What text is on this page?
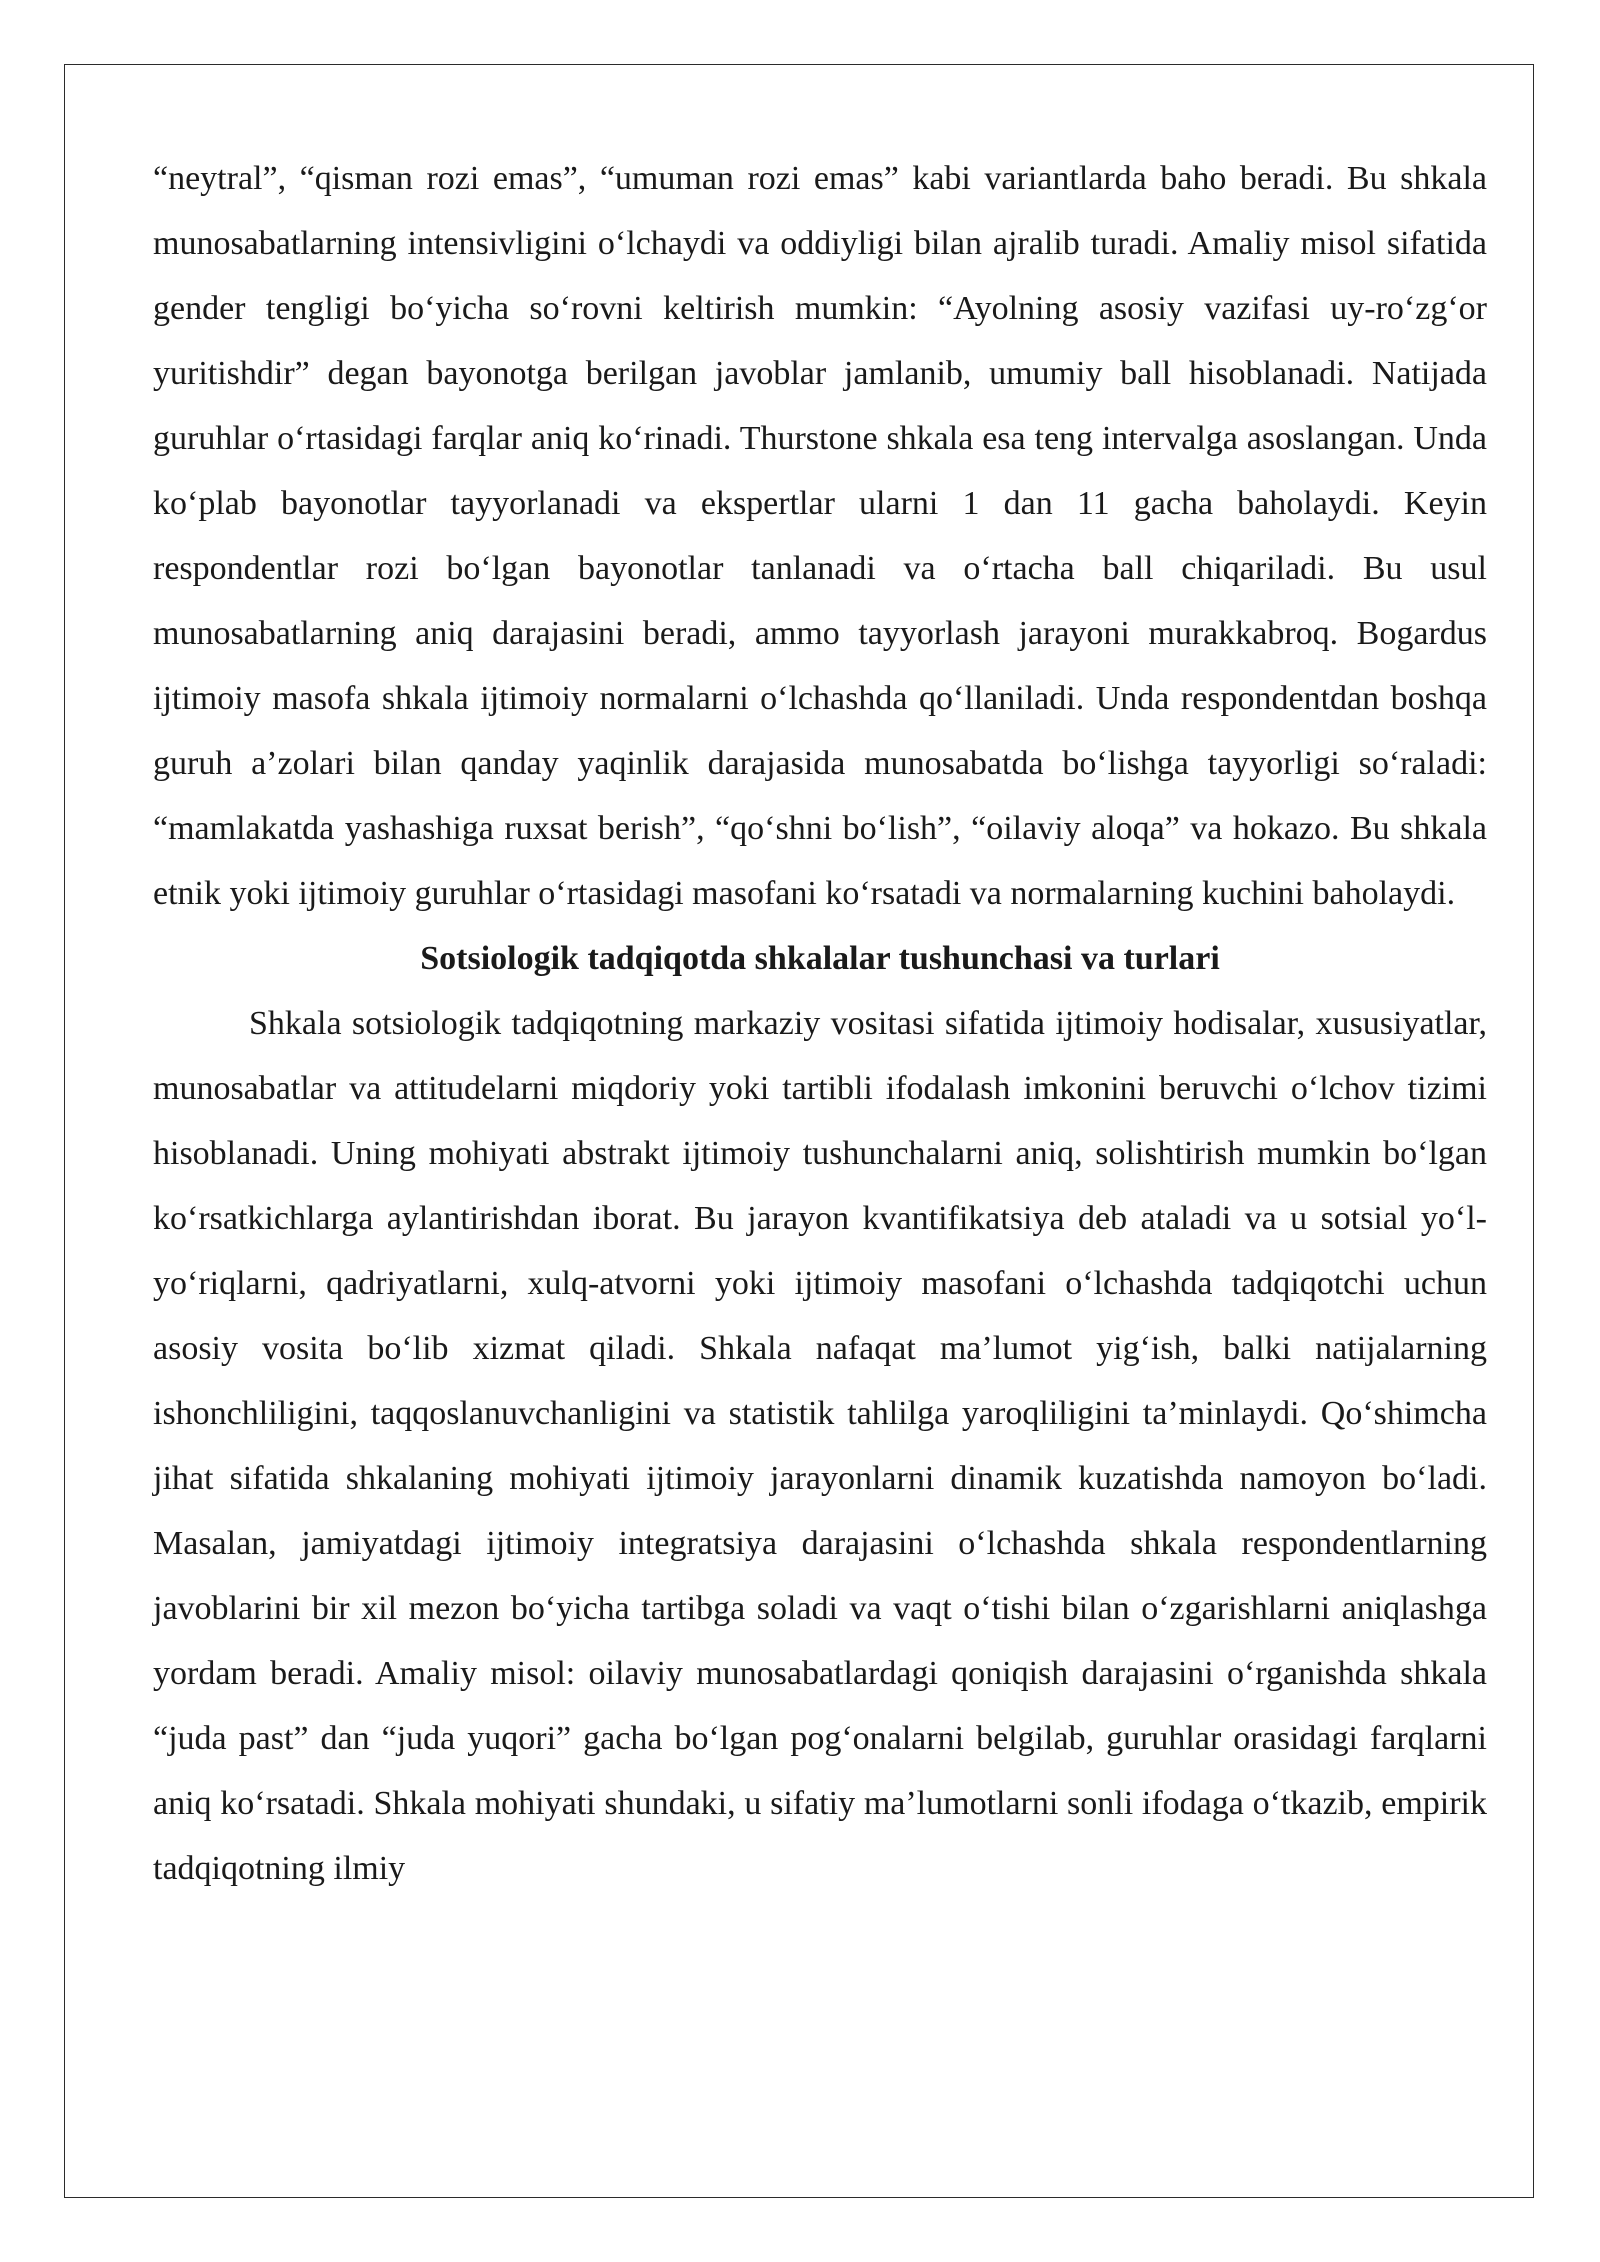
“neytral”, “qisman rozi emas”, “umuman rozi emas” kabi variantlarda baho beradi. Bu shkala munosabatlarning intensivligini oʻlchaydi va oddiyligi bilan ajralib turadi. Amaliy misol sifatida gender tengligi boʻyicha soʻrovni keltirish mumkin: “Ayolning asosiy vazifasi uy-roʻzgʻor yuritishdir” degan bayonotga berilgan javoblar jamlanib, umumiy ball hisoblanadi. Natijada guruhlar oʻrtasidagi farqlar aniq koʻrinadi. Thurstone shkala esa teng intervalga asoslangan. Unda koʻplab bayonotlar tayyorlanadi va ekspertlar ularni 1 dan 11 gacha baholaydi. Keyin respondentlar rozi boʻlgan bayonotlar tanlanadi va oʻrtacha ball chiqariladi. Bu usul munosabatlarning aniq darajasini beradi, ammo tayyorlash jarayoni murakkabroq. Bogardus ijtimoiy masofa shkala ijtimoiy normalarni oʻlchashda qoʻllaniladi. Unda respondentdan boshqa guruh a’zolari bilan qanday yaqinlik darajasida munosabatda boʻlishga tayyorligi soʻraladi: “mamlakatda yashashiga ruxsat berish”, “qoʻshni boʻlish”, “oilaviy aloqa” va hokazo. Bu shkala etnik yoki ijtimoiy guruhlar oʻrtasidagi masofani koʻrsatadi va normalarning kuchini baholaydi.

Sotsiologik tadqiqotda shkalalar tushunchasi va turlari

Shkala sotsiologik tadqiqotning markaziy vositasi sifatida ijtimoiy hodisalar, xususiyatlar, munosabatlar va attitudelarni miqdoriy yoki tartibli ifodalash imkonini beruvchi oʻlchov tizimi hisoblanadi. Uning mohiyati abstrakt ijtimoiy tushunchalarni aniq, solishtirish mumkin boʻlgan koʻrsatkichlarga aylantirishdan iborat. Bu jarayon kvantifikatsiya deb ataladi va u sotsial yoʻl-yoʻriqlarni, qadriyatlarni, xulq-atvorni yoki ijtimoiy masofani oʻlchashda tadqiqotchi uchun asosiy vosita boʻlib xizmat qiladi. Shkala nafaqat ma’lumot yigʻish, balki natijalarning ishonchliligini, taqqoslanuvchanligini va statistik tahlilga yaroqliligini ta’minlaydi. Qoʻshimcha jihat sifatida shkalaning mohiyati ijtimoiy jarayonlarni dinamik kuzatishda namoyon boʻladi. Masalan, jamiyatdagi ijtimoiy integratsiya darajasini oʻlchashda shkala respondentlarning javoblarini bir xil mezon boʻyicha tartibga soladi va vaqt oʻtishi bilan oʻzgarishlarni aniqlashga yordam beradi. Amaliy misol: oilaviy munosabatlardagi qoniqish darajasini oʻrganishda shkala “juda past” dan “juda yuqori” gacha boʻlgan pogʻonalarni belgilab, guruhlar orasidagi farqlarni aniq koʻrsatadi. Shkala mohiyati shundaki, u sifatiy ma’lumotlarni sonli ifodaga oʻtkazib, empirik tadqiqotning ilmiy
